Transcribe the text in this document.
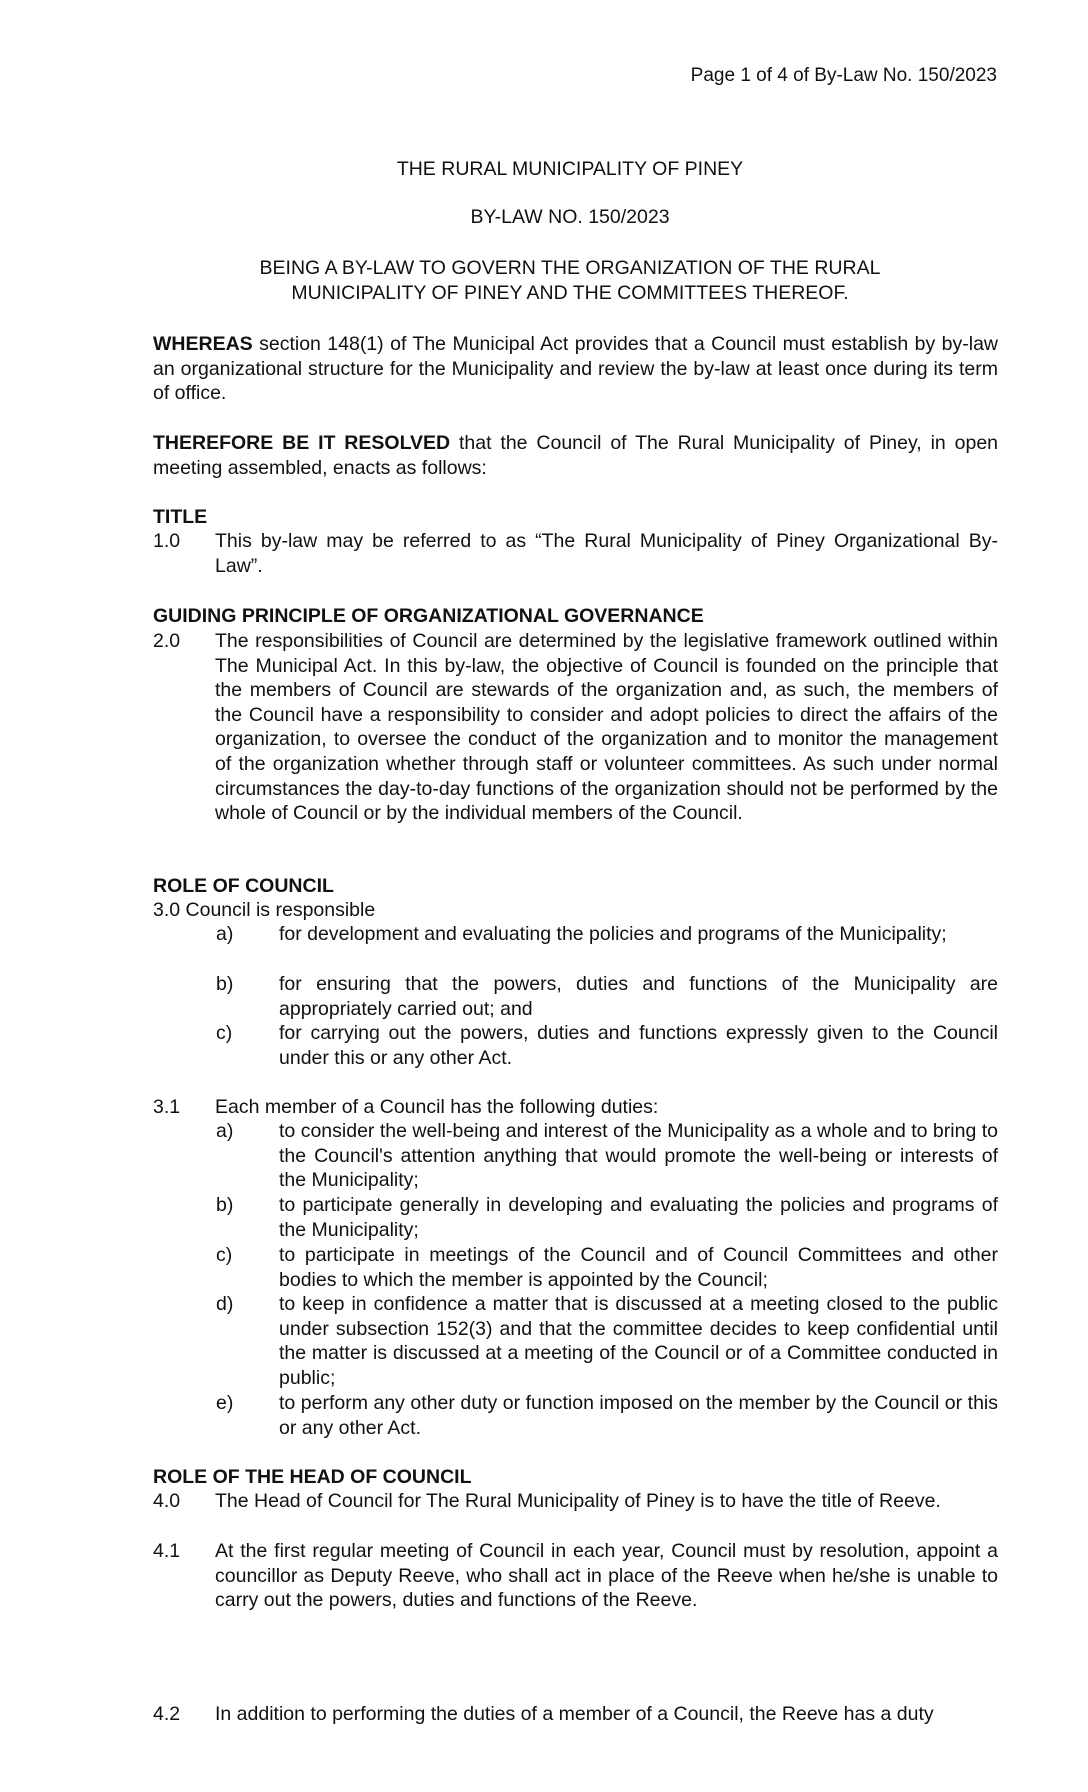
Page 1 of 4 of By-Law No. 150/2023
THE RURAL MUNICIPALITY OF PINEY
BY-LAW NO. 150/2023
BEING A BY-LAW TO GOVERN THE ORGANIZATION OF THE RURAL
MUNICIPALITY OF PINEY AND THE COMMITTEES THEREOF.
WHEREAS section 148(1) of The Municipal Act provides that a Council must establish by by-law an organizational structure for the Municipality and review the by-law at least once during its term of office.
THEREFORE BE IT RESOLVED that the Council of The Rural Municipality of Piney, in open meeting assembled, enacts as follows:
TITLE
1.0 This by-law may be referred to as “The Rural Municipality of Piney Organizational By-Law”.
GUIDING PRINCIPLE OF ORGANIZATIONAL GOVERNANCE
2.0 The responsibilities of Council are determined by the legislative framework outlined within The Municipal Act. In this by-law, the objective of Council is founded on the principle that the members of Council are stewards of the organization and, as such, the members of the Council have a responsibility to consider and adopt policies to direct the affairs of the organization, to oversee the conduct of the organization and to monitor the management of the organization whether through staff or volunteer committees. As such under normal circumstances the day-to-day functions of the organization should not be performed by the whole of Council or by the individual members of the Council.
ROLE OF COUNCIL
3.0 Council is responsible
a) for development and evaluating the policies and programs of the Municipality;
b) for ensuring that the powers, duties and functions of the Municipality are appropriately carried out; and
c) for carrying out the powers, duties and functions expressly given to the Council under this or any other Act.
3.1 Each member of a Council has the following duties:
a) to consider the well-being and interest of the Municipality as a whole and to bring to the Council's attention anything that would promote the well-being or interests of the Municipality;
b) to participate generally in developing and evaluating the policies and programs of the Municipality;
c) to participate in meetings of the Council and of Council Committees and other bodies to which the member is appointed by the Council;
d) to keep in confidence a matter that is discussed at a meeting closed to the public under subsection 152(3) and that the committee decides to keep confidential until the matter is discussed at a meeting of the Council or of a Committee conducted in public;
e) to perform any other duty or function imposed on the member by the Council or this or any other Act.
ROLE OF THE HEAD OF COUNCIL
4.0 The Head of Council for The Rural Municipality of Piney is to have the title of Reeve.
4.1 At the first regular meeting of Council in each year, Council must by resolution, appoint a councillor as Deputy Reeve, who shall act in place of the Reeve when he/she is unable to carry out the powers, duties and functions of the Reeve.
4.2 In addition to performing the duties of a member of a Council, the Reeve has a duty
